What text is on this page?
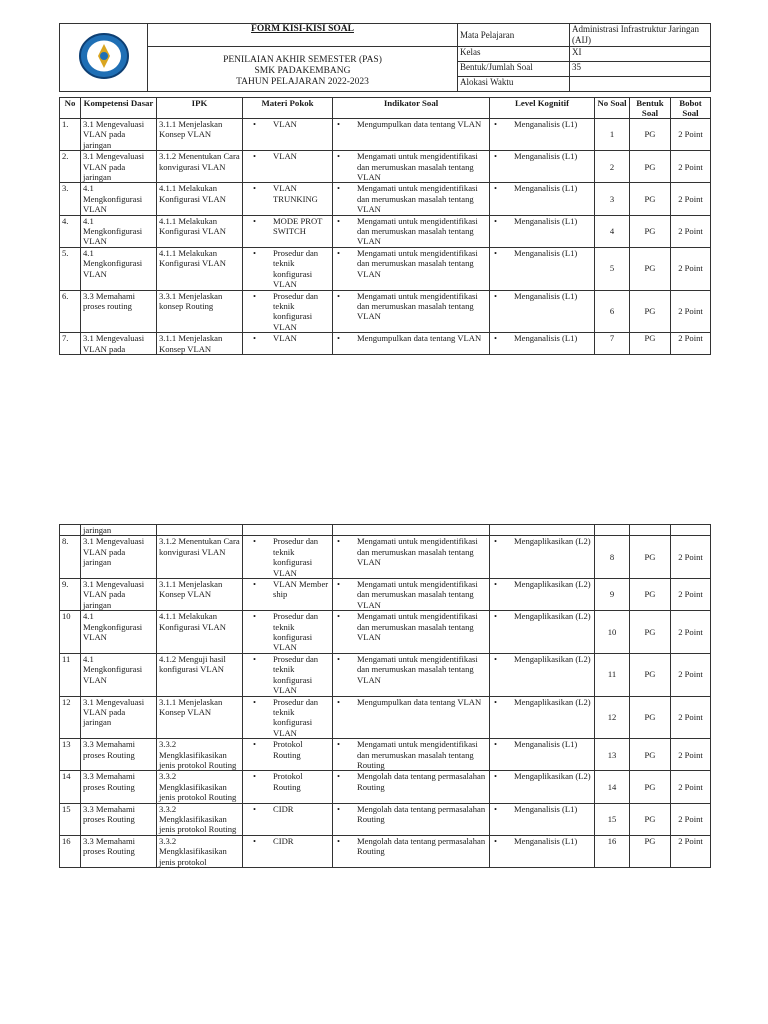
	FORM KISI-KISI SOAL	Mata Pelajaran	Administrasi Infrastruktur Jaringan (AIJ)

	PENILAIAN AKHIR SEMESTER (PAS)
SMK PADAKEMBANG
TAHUN PELAJARAN 2022-2023	Kelas	XI
		Bentuk/Jumlah Soal	35
		Alokasi Waktu	
No	Kompetensi Dasar	IPK	Materi Pokok	Indikator Soal	Level Kognitif	No Soal	Bentuk Soal	Bobot Soal
1.	3.1 Mengevaluasi VLAN pada jaringan	3.1.1 Menjelaskan Konsep VLAN	• VLAN	• Mengumpulkan data tentang VLAN	• Menganalisis (L1)	1	PG	2 Point
2.	3.1 Mengevaluasi VLAN pada jaringan	3.1.2 Menentukan Cara konvigurasi VLAN	• VLAN	• Mengamati untuk mengidentifikasi dan merumuskan masalah tentang VLAN	• Menganalisis (L1)	2	PG	2 Point
3.	4.1 Mengkonfigurasi VLAN	4.1.1 Melakukan Konfigurasi VLAN	• VLAN TRUNKING	• Mengamati untuk mengidentifikasi dan merumuskan masalah tentang VLAN	• Menganalisis (L1)	3	PG	2 Point
4.	4.1 Mengkonfigurasi VLAN	4.1.1 Melakukan Konfigurasi VLAN	• MODE PROT SWITCH	• Mengamati untuk mengidentifikasi dan merumuskan masalah tentang VLAN	• Menganalisis (L1)	4	PG	2 Point
5.	4.1 Mengkonfigurasi VLAN	4.1.1 Melakukan Konfigurasi VLAN	• Prosedur dan teknik konfigurasi VLAN	• Mengamati untuk mengidentifikasi dan merumuskan masalah tentang VLAN	• Menganalisis (L1)	5	PG	2 Point
6.	3.3 Memahami proses routing	3.3.1 Menjelaskan konsep Routing	• Prosedur dan teknik konfigurasi VLAN	• Mengamati untuk mengidentifikasi dan merumuskan masalah tentang VLAN	• Menganalisis (L1)	6	PG	2 Point
7.	3.1 Mengevaluasi VLAN pada	3.1.1 Menjelaskan Konsep VLAN	• VLAN	• Mengumpulkan data tentang VLAN	• Menganalisis (L1)	7	PG	2 Point
	jaringan							
8.	3.1 Mengevaluasi VLAN pada jaringan	3.1.2 Menentukan Cara konvigurasi VLAN	• Prosedur dan teknik konfigurasi VLAN	• Mengamati untuk mengidentifikasi dan merumuskan masalah tentang VLAN	• Mengaplikasikan (L2)	8	PG	2 Point
9.	3.1 Mengevaluasi VLAN pada jaringan	3.1.1 Menjelaskan Konsep VLAN	• VLAN Member ship	• Mengamati untuk mengidentifikasi dan merumuskan masalah tentang VLAN	• Mengaplikasikan (L2)	9	PG	2 Point
10	4.1 Mengkonfigurasi VLAN	4.1.1 Melakukan Konfigurasi VLAN	• Prosedur dan teknik konfigurasi VLAN	• Mengamati untuk mengidentifikasi dan merumuskan masalah tentang VLAN	• Mengaplikasikan (L2)	10	PG	2 Point
11	4.1 Mengkonfigurasi VLAN	4.1.2 Menguji hasil konfigurasi VLAN	• Prosedur dan teknik konfigurasi VLAN	• Mengamati untuk mengidentifikasi dan merumuskan masalah tentang VLAN	• Mengaplikasikan (L2)	11	PG	2 Point
12	3.1 Mengevaluasi VLAN pada jaringan	3.1.1 Menjelaskan Konsep VLAN	• Prosedur dan teknik konfigurasi VLAN	• Mengumpulkan data tentang VLAN	• Mengaplikasikan (L2)	12	PG	2 Point
13	3.3 Memahami proses Routing	3.3.2 Mengklasifikasikan jenis protokol Routing	• Protokol Routing	• Mengamati untuk mengidentifikasi dan merumuskan masalah tentang Routing	• Menganalisis (L1)	13	PG	2 Point
14	3.3 Memahami proses Routing	3.3.2 Mengklasifikasikan jenis protokol Routing	• Protokol Routing	• Mengolah data tentang permasalahan Routing	• Mengaplikasikan (L2)	14	PG	2 Point
15	3.3 Memahami proses Routing	3.3.2 Mengklasifikasikan jenis protokol Routing	• CIDR	• Mengolah data tentang permasalahan Routing	• Menganalisis (L1)	15	PG	2 Point
16	3.3 Memahami proses Routing	3.3.2 Mengklasifikasikan jenis protokol	• CIDR	• Mengolah data tentang permasalahan Routing	• Menganalisis (L1)	16	PG	2 Point
